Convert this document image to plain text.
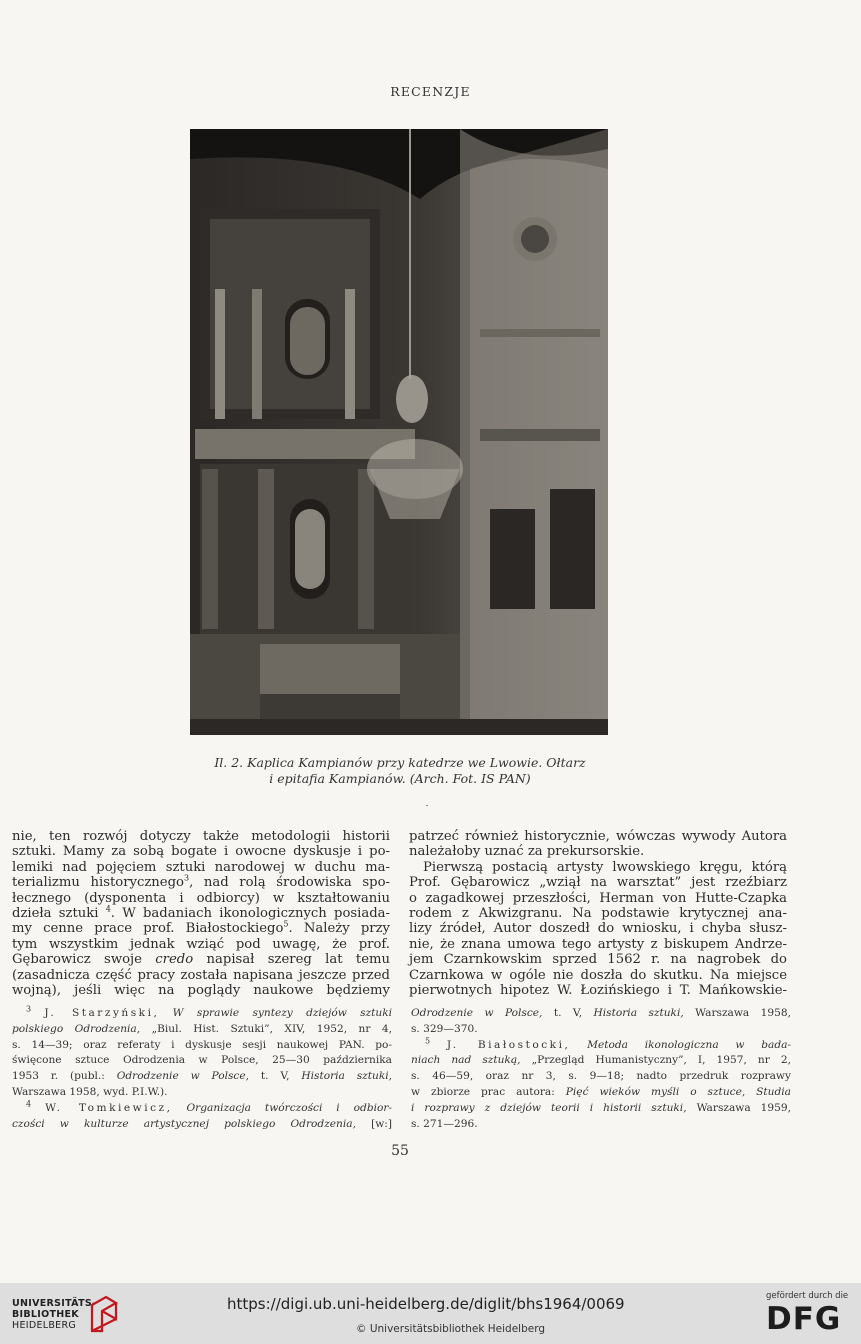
RECENZJE
Il. 2. Kaplica Kampianów przy katedrze we Lwowie. Ołtarz
i epitafia Kampianów. (Arch. Fot. IS PAN)
nie, ten rozwój dotyczy także metodologii historii
sztuki. Mamy za sobą bogate i owocne dyskusje i po-
lemiki nad pojęciem sztuki narodowej w duchu ma-
terializmu historycznego$^3$, nad rolą środowiska spo-
łecznego (dysponenta i odbiorcy) w kształtowaniu
dzieła sztuki $^4$. W badaniach ikonologicznych posiada-
my cenne prace prof. Białostockiego$^5$. Należy przy
tym wszystkim jednak wziąć pod uwagę, że prof.
Gębarowicz swoje credo napisał szereg lat temu
(zasadnicza część pracy została napisana jeszcze przed
wojną), jeśli więc na poglądy naukowe będziemy
patrzeć również historycznie, wówczas wywody Autora
należałoby uznać za prekursorskie.
Pierwszą postacią artysty lwowskiego kręgu, którą
Prof. Gębarowicz „wziął na warsztat” jest rzeźbiarz
o zagadkowej przeszłości, Herman von Hutte-Czapka
rodem z Akwizgranu. Na podstawie krytycznej ana-
lizy źródeł, Autor doszedł do wniosku, i chyba słusz-
nie, że znana umowa tego artysty z biskupem Andrze-
jem Czarnkowskim sprzed 1562 r. na nagrobek do
Czarnkowa w ogóle nie doszła do skutku. Na miejsce
pierwotnych hipotez W. Łozińskiego i T. Mańkowskie-
$^3$ J. Starzyński, W sprawie syntezy dziejów sztuki
polskiego Odrodzenia, „Biul. Hist. Sztuki”, XIV, 1952, nr 4,
s. 14—39; oraz referaty i dyskusje sesji naukowej PAN. po-
święcone sztuce Odrodzenia w Polsce, 25—30 października
1953 r. (publ.: Odrodzenie w Polsce, t. V, Historia sztuki,
Warszawa 1958, wyd. P.I.W.).
$^4$ W. Tomkiewicz, Organizacja twórczości i odbior-
czości w kulturze artystycznej polskiego Odrodzenia, [w:]
Odrodzenie w Polsce, t. V, Historia sztuki, Warszawa 1958,
s. 329—370.
$^5$ J. Białostocki, Metoda ikonologiczna w bada-
niach nad sztuką, „Przegląd Humanistyczny”, I, 1957, nr 2,
s. 46—59, oraz nr 3, s. 9—18; nadto przedruk rozprawy
w zbiorze prac autora: Pięć wieków myśli o sztuce, Studia
i rozprawy z dziejów teorii i historii sztuki, Warszawa 1959,
s. 271—296.
55
UNIVERSITÄTS-
BIBLIOTHEK
HEIDELBERG
https://digi.ub.uni-heidelberg.de/diglit/bhs1964/0069
© Universitätsbibliothek Heidelberg
gefördert durch die
DFG
